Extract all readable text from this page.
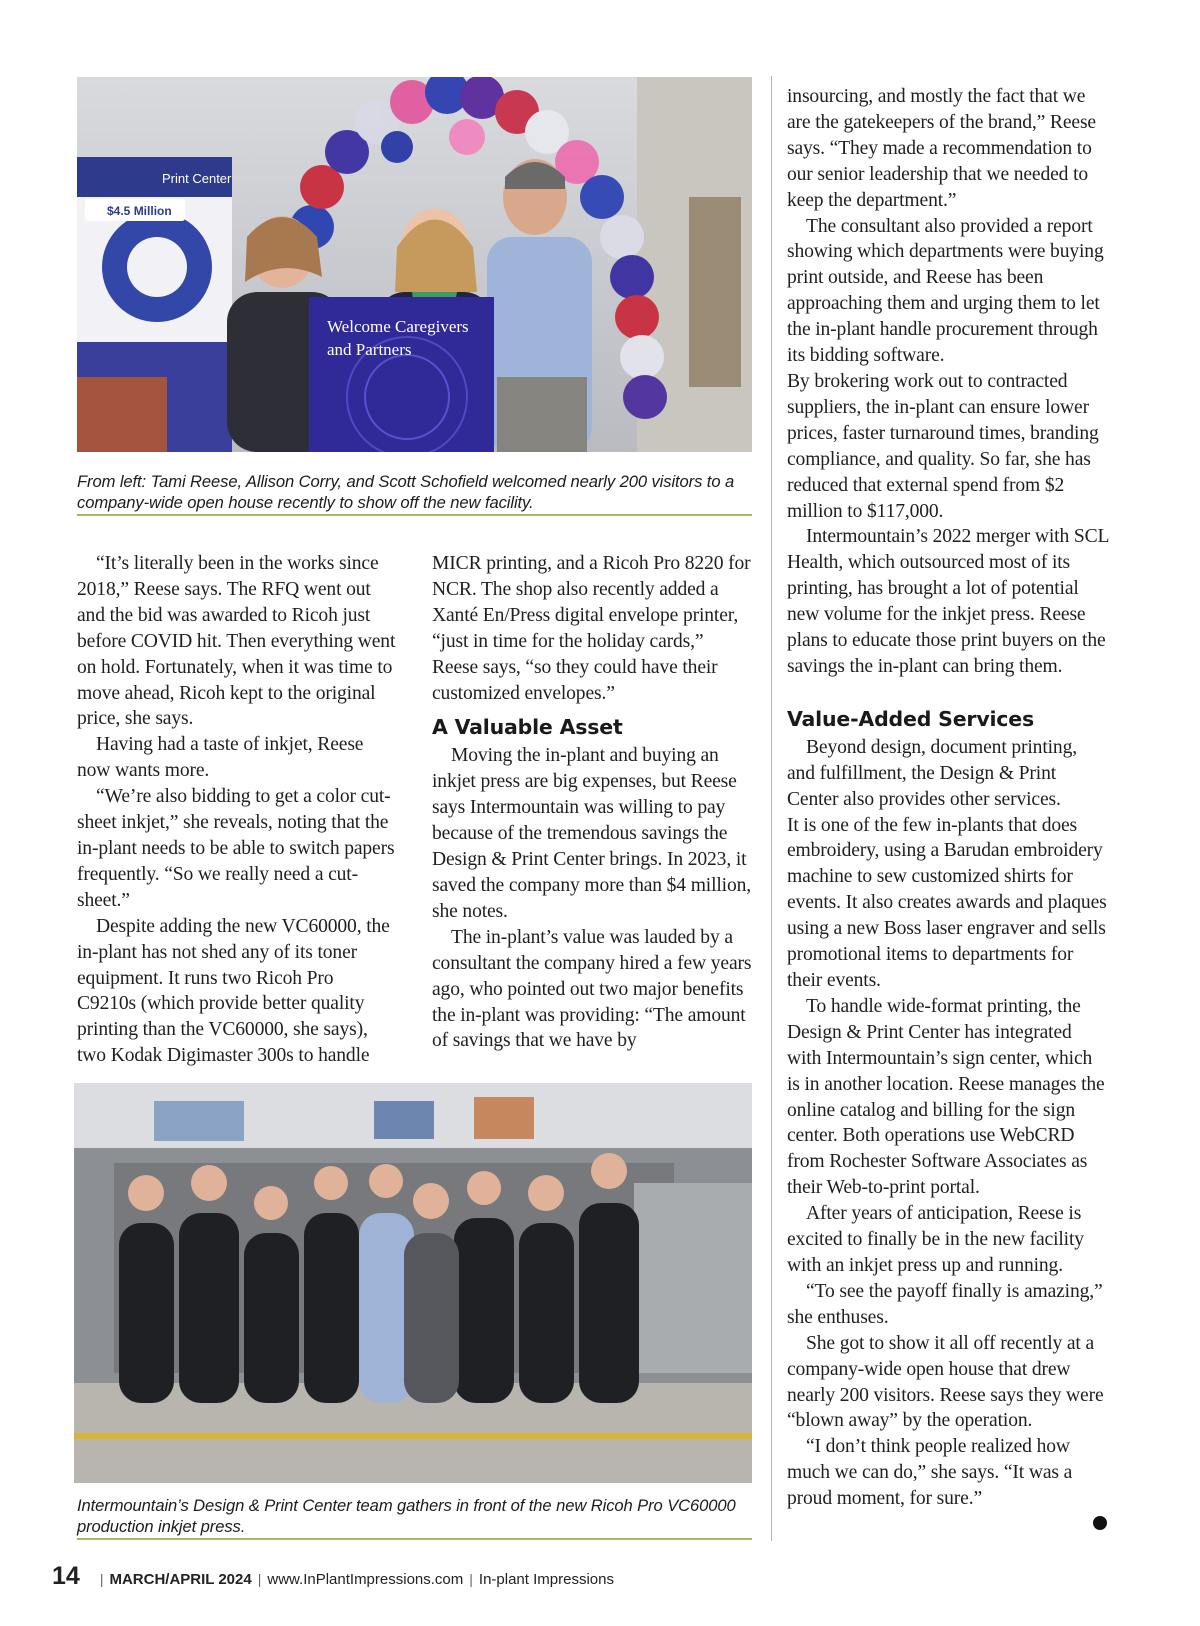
Print Center
$4.5 Million
Welcome Caregivers
and Partners
From left: Tami Reese, Allison Corry, and Scott Schofield welcomed nearly 200 visitors to a company-wide open house recently to show off the new facility.

“It’s literally been in the works since 2018,” Reese says. The RFQ went out and the bid was awarded to Ricoh just before COVID hit. Then everything went on hold. Fortunately, when it was time to move ahead, Ricoh kept to the original price, she says.

Having had a taste of inkjet, Reese now wants more.

“We’re also bidding to get a color cut-sheet inkjet,” she reveals, noting that the in-plant needs to be able to switch papers frequently. “So we really need a cut-sheet.”

Despite adding the new VC60000, the in-plant has not shed any of its toner equipment. It runs two Ricoh Pro C9210s (which provide better quality printing than the VC60000, she says), two Kodak Digimaster 300s to handle

MICR printing, and a Ricoh Pro 8220 for NCR. The shop also recently added a Xanté En/Press digital envelope printer, “just in time for the holiday cards,” Reese says, “so they could have their customized envelopes.”

A Valuable Asset

Moving the in-plant and buying an inkjet press are big expenses, but Reese says Intermountain was willing to pay because of the tremendous savings the Design & Print Center brings. In 2023, it saved the company more than $4 million, she notes.

The in-plant’s value was lauded by a consultant the company hired a few years ago, who pointed out two major benefits the in-plant was providing: “The amount of savings that we have by

insourcing, and mostly the fact that we are the gatekeepers of the brand,” Reese says. “They made a recommendation to our senior leadership that we needed to keep the department.”

The consultant also provided a report showing which departments were buying print outside, and Reese has been approaching them and urging them to let the in-plant handle procurement through its bidding software.

By brokering work out to contracted suppliers, the in-plant can ensure lower prices, faster turnaround times, branding compliance, and quality. So far, she has reduced that external spend from $2 million to $117,000.

Intermountain’s 2022 merger with SCL Health, which outsourced most of its printing, has brought a lot of potential new volume for the inkjet press. Reese plans to educate those print buyers on the savings the in-plant can bring them.

Value-Added Services

Beyond design, document printing, and fulfillment, the Design & Print Center also provides other services.

It is one of the few in-plants that does embroidery, using a Barudan embroidery machine to sew customized shirts for events. It also creates awards and plaques using a new Boss laser engraver and sells promotional items to departments for their events.

To handle wide-format printing, the Design & Print Center has integrated with Intermountain’s sign center, which is in another location. Reese manages the online catalog and billing for the sign center. Both operations use WebCRD from Rochester Software Associates as their Web-to-print portal.

After years of anticipation, Reese is excited to finally be in the new facility with an inkjet press up and running.

“To see the payoff finally is amazing,” she enthuses.

She got to show it all off recently at a company-wide open house that drew nearly 200 visitors. Reese says they were “blown away” by the operation.

“I don’t think people realized how much we can do,” she says. “It was a proud moment, for sure.”

Intermountain’s Design & Print Center team gathers in front of the new Ricoh Pro VC60000 production inkjet press.
14 | MARCH/APRIL 2024 | www.InPlantImpressions.com | In-plant Impressions
